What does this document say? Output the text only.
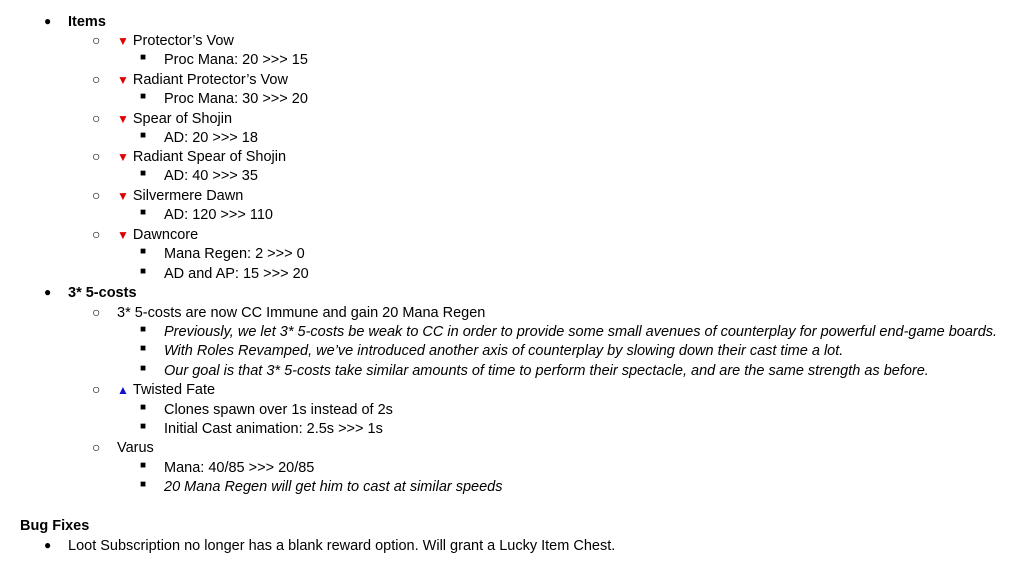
● Items
○ ▼ Protector’s Vow
■ Proc Mana: 20 >>> 15
○ ▼ Radiant Protector’s Vow
■ Proc Mana: 30 >>> 20
○ ▼ Spear of Shojin
■ AD: 20 >>> 18
○ ▼ Radiant Spear of Shojin
■ AD: 40 >>> 35
○ ▼ Silvermere Dawn
■ AD: 120 >>> 110
○ ▼ Dawncore
■ Mana Regen: 2 >>> 0
■ AD and AP: 15 >>> 20
● 3* 5-costs
○ 3* 5-costs are now CC Immune and gain 20 Mana Regen
■ Previously, we let 3* 5-costs be weak to CC in order to provide some small avenues of counterplay for powerful end-game boards.
■ With Roles Revamped, we’ve introduced another axis of counterplay by slowing down their cast time a lot.
■ Our goal is that 3* 5-costs take similar amounts of time to perform their spectacle, and are the same strength as before.
○ ▲ Twisted Fate
■ Clones spawn over 1s instead of 2s
■ Initial Cast animation: 2.5s >>> 1s
○ Varus
■ Mana: 40/85 >>> 20/85
■ 20 Mana Regen will get him to cast at similar speeds
Bug Fixes
● Loot Subscription no longer has a blank reward option. Will grant a Lucky Item Chest.
